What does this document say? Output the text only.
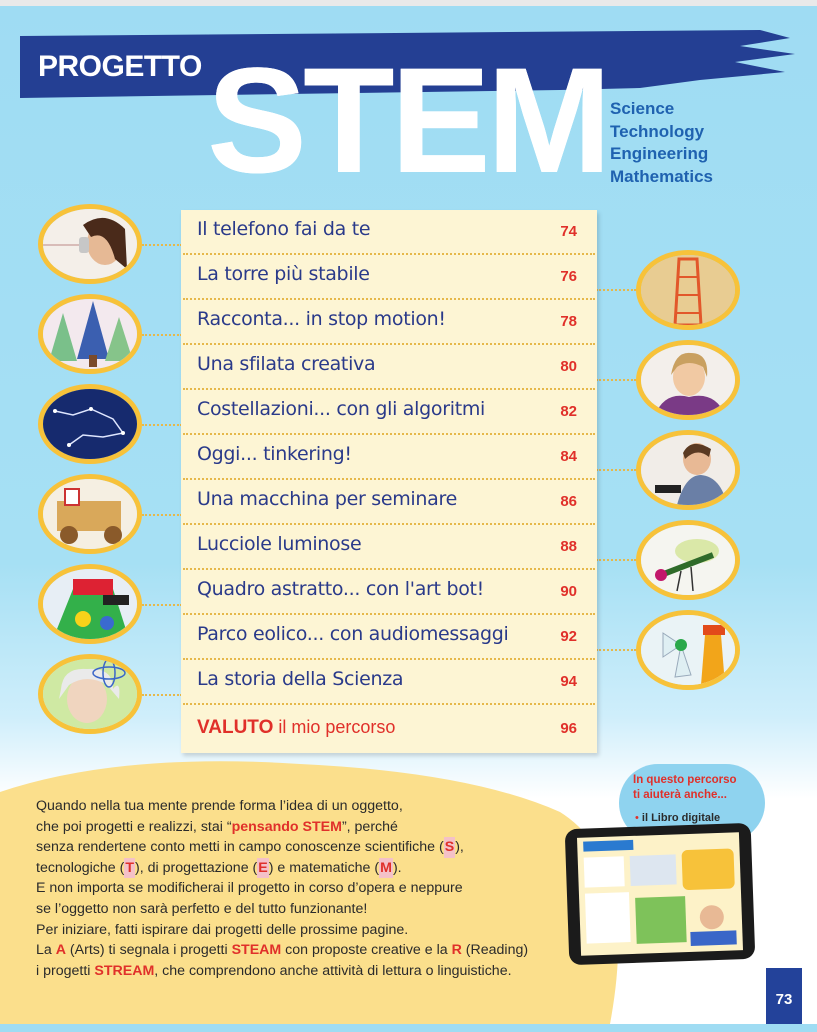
PROGETTO STEM Science
Technology
Engineering
Mathematics
Il telefono fai da te	74
La torre più stabile	76
Racconta... in stop motion!	78
Una sfilata creativa	80
Costellazioni... con gli algoritmi	82
Oggi... tinkering!	84
Una macchina per seminare	86
Lucciole luminose	88
Quadro astratto... con l'art bot!	90
Parco eolico... con audiomessaggi	92
La storia della Scienza	94
VALUTO il mio percorso	96

Quando nella tua mente prende forma l’idea di un oggetto,

che poi progetti e realizzi, stai “pensando STEM”, perché

senza rendertene conto metti in campo conoscenze scientifiche (S),

tecnologiche (T), di progettazione (E) e matematiche (M).

E non importa se modificherai il progetto in corso d’opera e neppure

se l’oggetto non sarà perfetto e del tutto funzionante!

Per iniziare, fatti ispirare dai progetti delle prossime pagine.

La A (Arts) ti segnala i progetti STEAM con proposte creative e la R (Reading)

i progetti STREAM, che comprendono anche attività di lettura o linguistiche.

In questo percorso
ti aiuterà anche...
• il Libro digitale
73
